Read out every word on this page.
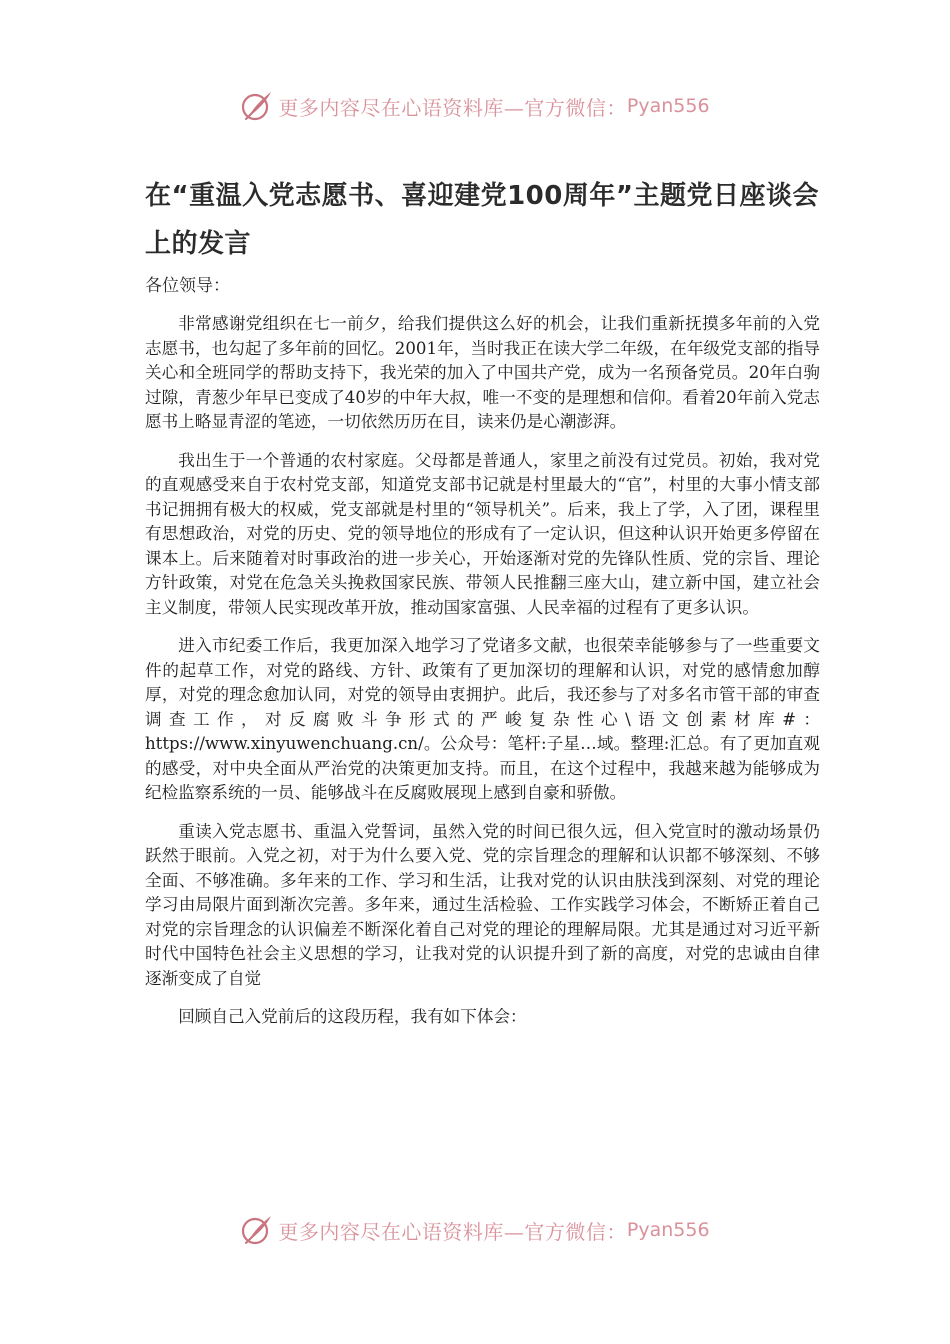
更多内容尽在心语资料库—官方微信： Pyan556
在“重温入党志愿书、喜迎建党100周年”主题党日座谈会上的发言

各位领导：

非常感谢党组织在七一前夕，给我们提供这么好的机会，让我们重新抚摸多年前的入党志愿书，也勾起了多年前的回忆。2001年，当时我正在读大学二年级，在年级党支部的指导关心和全班同学的帮助支持下，我光荣的加入了中国共产党，成为一名预备党员。20年白驹过隙，青葱少年早已变成了40岁的中年大叔，唯一不变的是理想和信仰。看着20年前入党志愿书上略显青涩的笔迹，一切依然历历在目，读来仍是心潮澎湃。

我出生于一个普通的农村家庭。父母都是普通人，家里之前没有过党员。初始，我对党的直观感受来自于农村党支部，知道党支部书记就是村里最大的“官”，村里的大事小情支部书记拥拥有极大的权威，党支部就是村里的“领导机关”。后来，我上了学，入了团，课程里有思想政治，对党的历史、党的领导地位的形成有了一定认识，但这种认识开始更多停留在课本上。后来随着对时事政治的进一步关心，开始逐渐对党的先锋队性质、党的宗旨、理论方针政策，对党在危急关头挽救国家民族、带领人民推翻三座大山，建立新中国，建立社会主义制度，带领人民实现改革开放，推动国家富强、人民幸福的过程有了更多认识。

进入市纪委工作后，我更加深入地学习了党诸多文献，也很荣幸能够参与了一些重要文件的起草工作，对党的路线、方针、政策有了更加深切的理解和认识，对党的感情愈加醇厚，对党的理念愈加认同，对党的领导由衷拥护。此后，我还参与了对多名市管干部的审查调查工作，对反腐败斗争形式的严峻复杂性心\语文创素材库#：https://www.xinyuwenchuang.cn/。公众号：笔杆:子星…域。整理:汇总。有了更加直观的感受，对中央全面从严治党的决策更加支持。而且，在这个过程中，我越来越为能够成为纪检监察系统的一员、能够战斗在反腐败展现上感到自豪和骄傲。

重读入党志愿书、重温入党誓词，虽然入党的时间已很久远，但入党宣时的激动场景仍跃然于眼前。入党之初，对于为什么要入党、党的宗旨理念的理解和认识都不够深刻、不够全面、不够准确。多年来的工作、学习和生活，让我对党的认识由肤浅到深刻、对党的理论学习由局限片面到渐次完善。多年来，通过生活检验、工作实践学习体会，不断矫正着自己对党的宗旨理念的认识偏差不断深化着自己对党的理论的理解局限。尤其是通过对习近平新时代中国特色社会主义思想的学习，让我对党的认识提升到了新的高度，对党的忠诚由自律逐渐变成了自觉

回顾自己入党前后的这段历程，我有如下体会：

更多内容尽在心语资料库—官方微信： Pyan556
